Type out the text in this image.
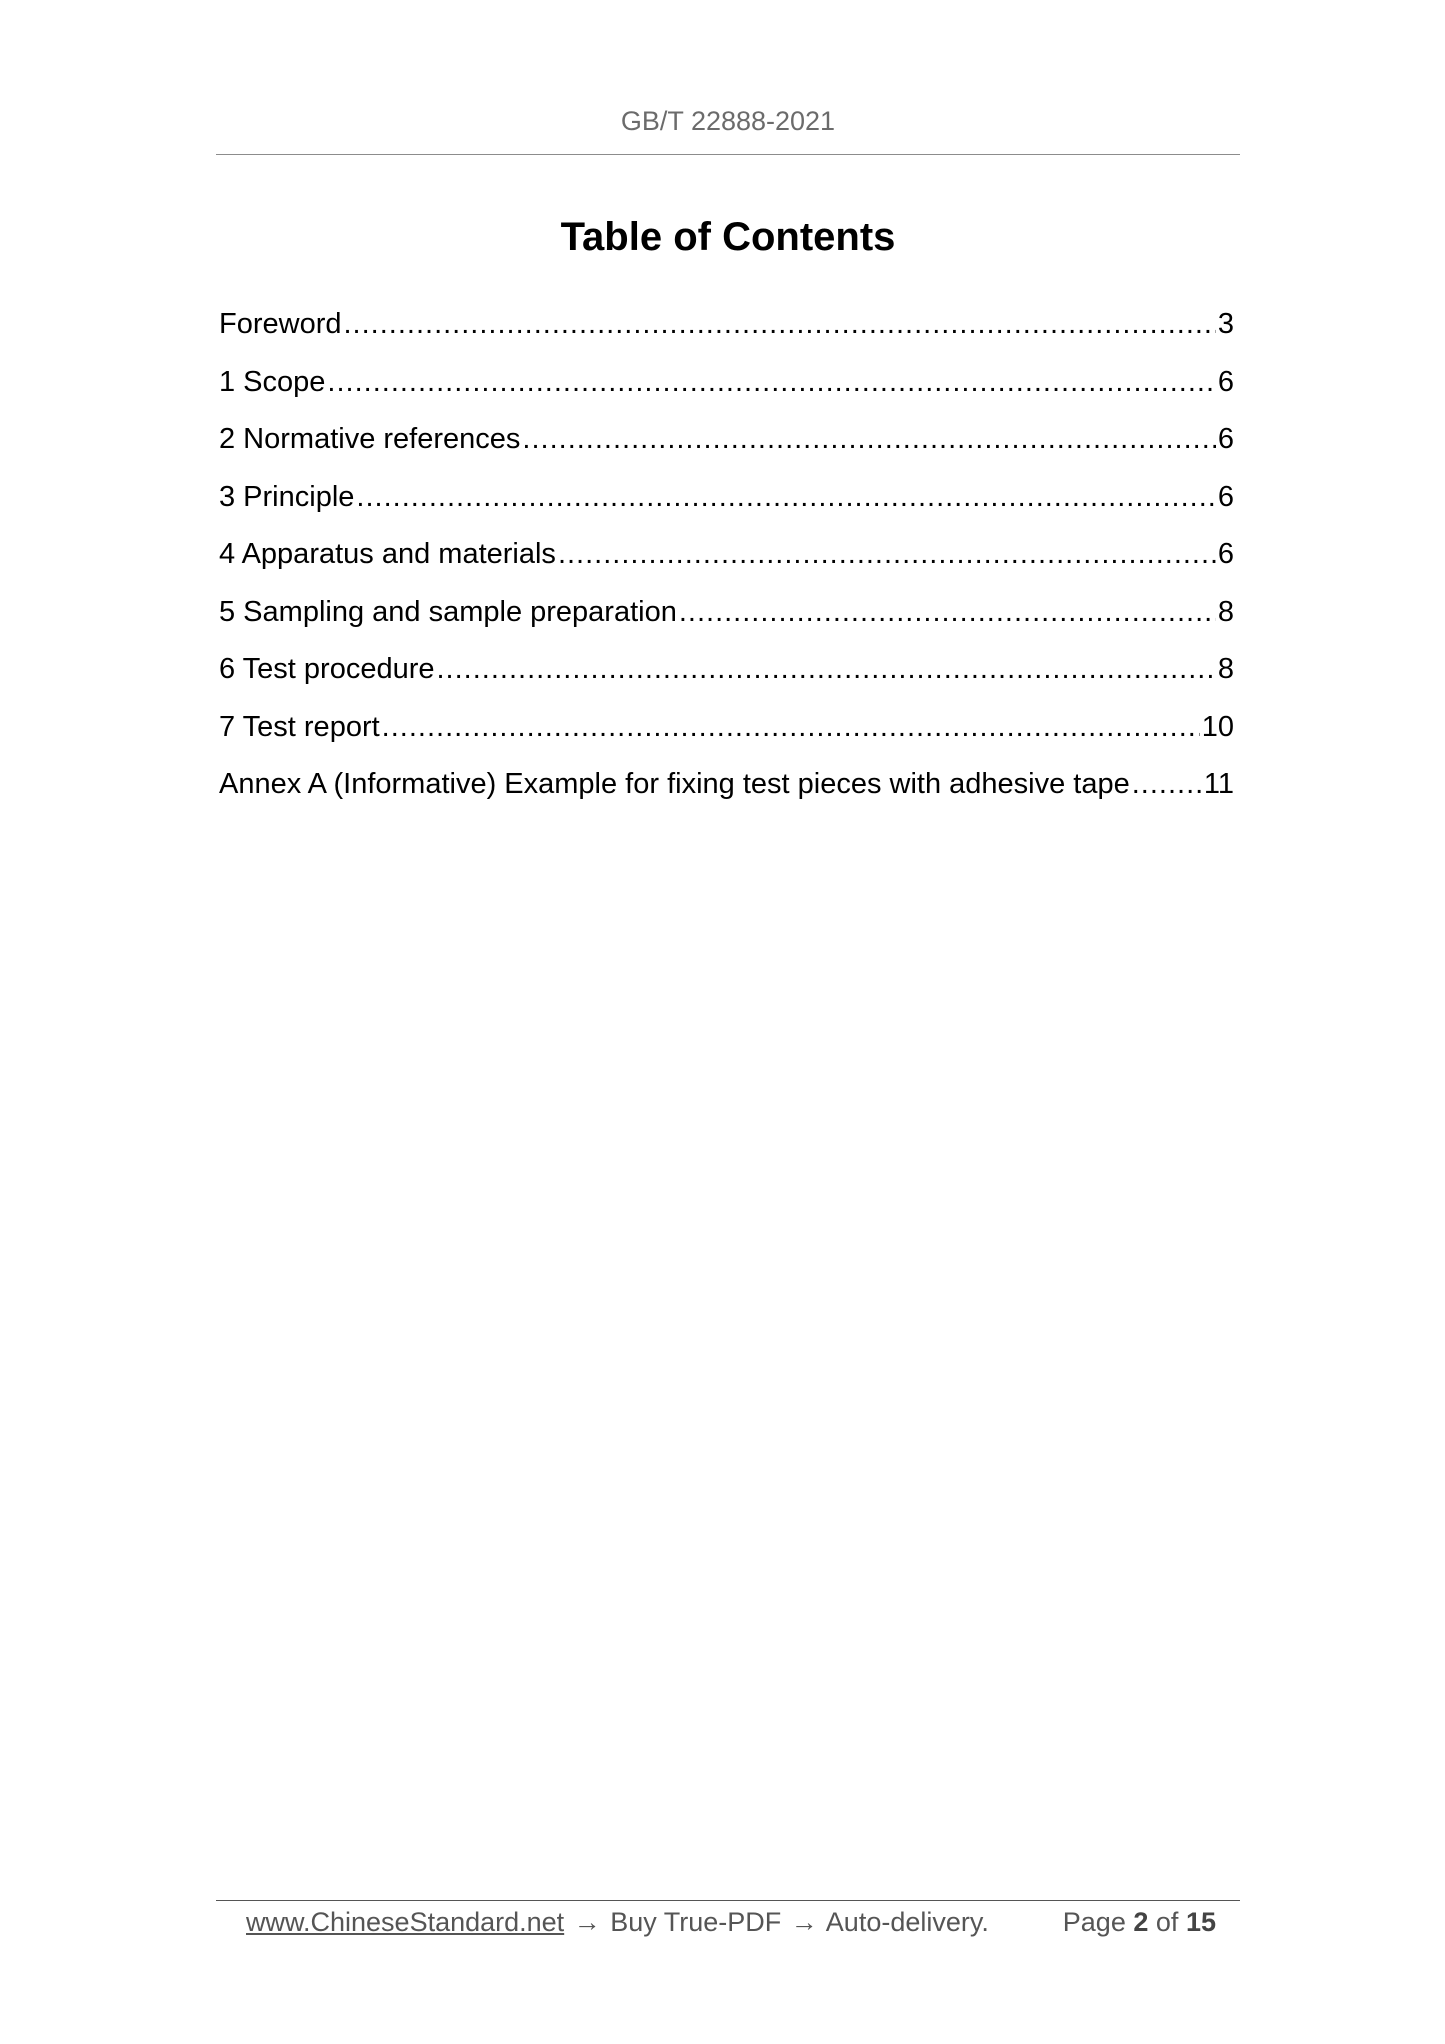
GB/T 22888-2021
Table of Contents
Foreword .....	3
1 Scope .....	6
2 Normative references .....	6
3 Principle .....	6
4 Apparatus and materials .....	6
5 Sampling and sample preparation .....	8
6 Test procedure .....	8
7 Test report .....	10
Annex A (Informative) Example for fixing test pieces with adhesive tape .....	11
www.ChineseStandard.net → Buy True-PDF → Auto-delivery.	Page 2 of 15
